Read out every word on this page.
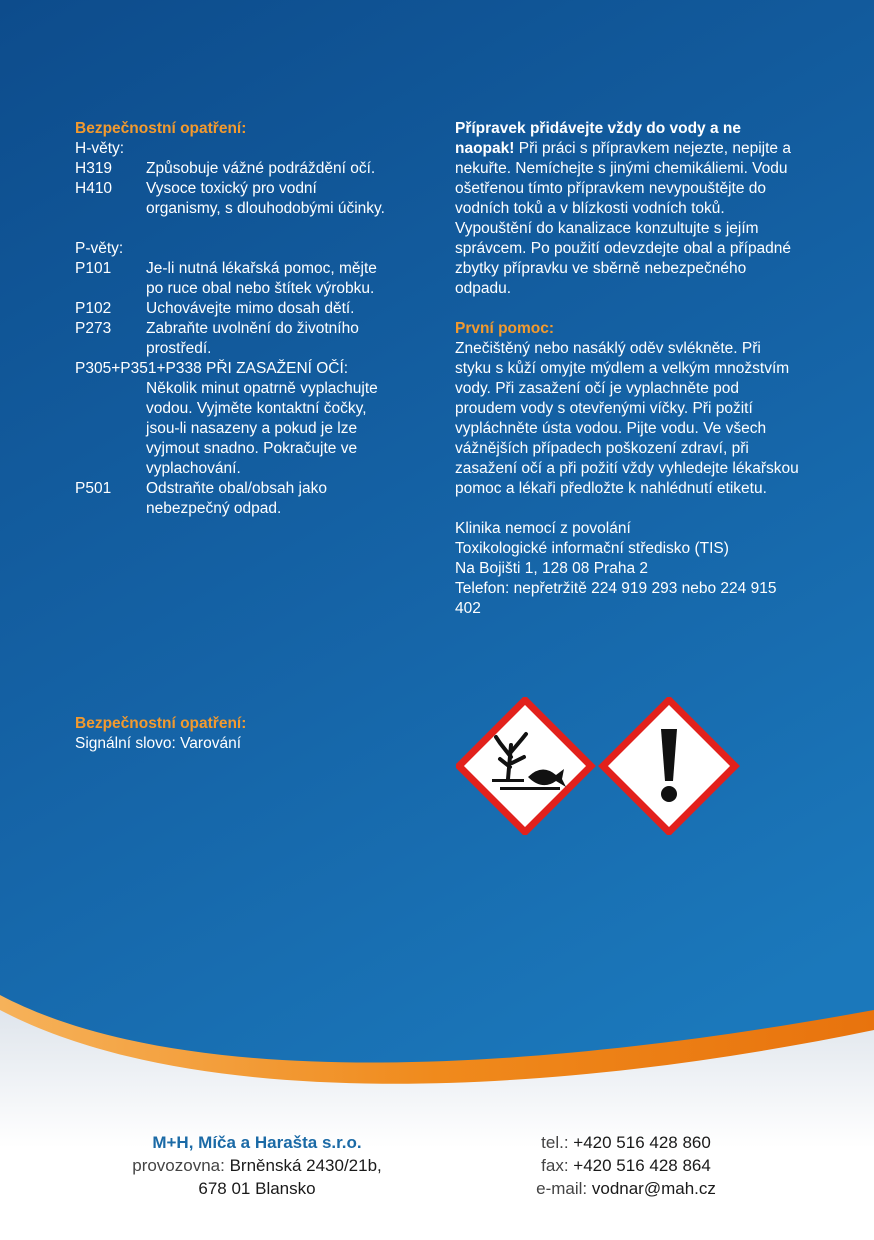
Bezpečnostní opatření:
H-věty:
H319	Způsobuje vážné podráždění očí.
H410	Vysoce toxický pro vodní organismy, s dlouhodobými účinky.
P-věty:
P101	Je-li nutná lékařská pomoc, mějte po ruce obal nebo štítek výrobku.
P102	Uchovávejte mimo dosah dětí.
P273	Zabraňte uvolnění do životního prostředí.
P305+P351+P338 PŘI ZASAŽENÍ OČÍ:
Několik minut opatrně vyplachujte vodou. Vyjměte kontaktní čočky, jsou-li nasazeny a pokud je lze vyjmout snadno. Pokračujte ve vyplachování.
P501	Odstraňte obal/obsah jako nebezpečný odpad.
Bezpečnostní opatření:
Signální slovo: Varování
Přípravek přidávejte vždy do vody a ne naopak! Při práci s přípravkem nejezte, nepijte a nekuřte. Nemíchejte s jinými chemikáliemi. Vodu ošetřenou tímto přípravkem nevypouštějte do vodních toků a v blízkosti vodních toků. Vypouštění do kanalizace konzultujte s jejím správcem. Po použití odevzdejte obal a případné zbytky přípravku ve sběrně nebezpečného odpadu.
První pomoc:
Znečištěný nebo nasáklý oděv svlékněte. Při styku s kůží omyjte mýdlem a velkým množstvím vody. Při zasažení očí je vyplachněte pod proudem vody s otevřenými víčky. Při požití vypláchněte ústa vodou. Pijte vodu. Ve všech vážnějších případech poškození zdraví, při zasažení očí a při požití vždy vyhledejte lékařskou pomoc a lékaři předložte k nahlédnutí etiketu.
Klinika nemocí z povolání
Toxikologické informační středisko (TIS)
Na Bojišti 1, 128 08 Praha 2
Telefon: nepřetržitě 224 919 293 nebo 224 915 402
M+H, Míča a Harašta s.r.o.
provozovna: Brněnská 2430/21b,
678 01 Blansko
tel.: +420 516 428 860
fax: +420 516 428 864
e-mail: vodnar@mah.cz
